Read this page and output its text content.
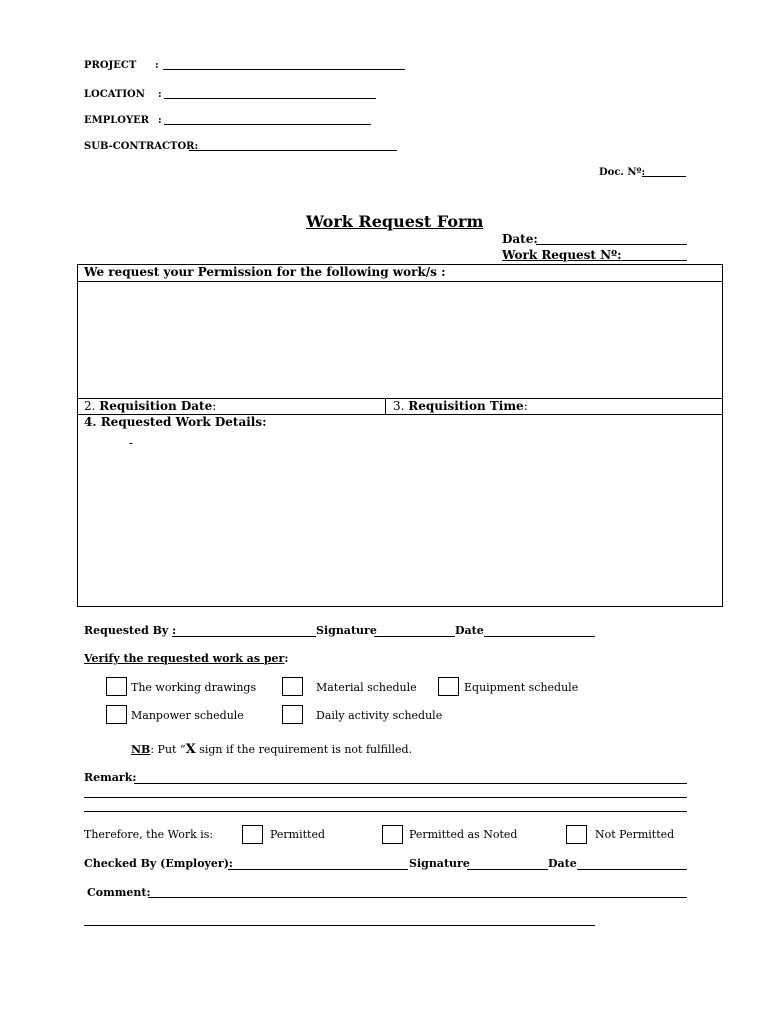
PROJECT :
LOCATION :
EMPLOYER :
SUB-CONTRACTOR:
Doc. Nº:
Work Request Form
Date:
Work Request Nº:
We request your Permission for the following work/s :
2. Requisition Date:	3. Requisition Time:
4. Requested Work Details:
-
Requested By :	Signature	Date
Verify the requested work as per:
The working drawings	Material schedule	Equipment schedule
Manpower schedule	Daily activity schedule
NB: Put “X sign if the requirement is not fulfilled.
Remark:
Therefore, the Work is:	Permitted	Permitted as Noted	Not Permitted
Checked By (Employer):	Signature	Date
Comment:
